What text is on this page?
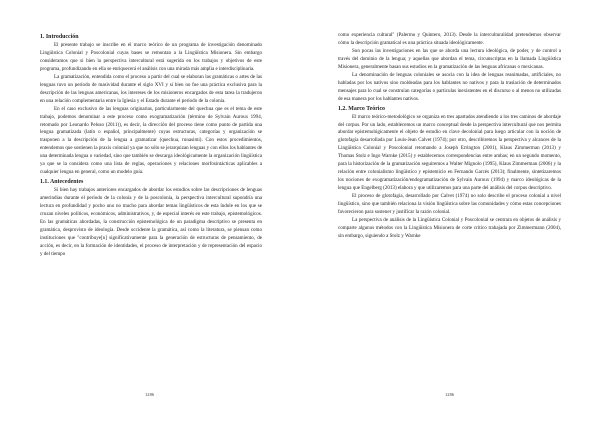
1. Introducción

El presente trabajo se inscribe en el marco teórico de un programa de investigación denominado Lingüística Colonial y Poscolonial cuyas bases se remontan a la Lingüística Misionera. Sin embargo consideramos que si bien la perspectiva intercultural está sugerida en los trabajos y objetivos de este programa, profundizando en ella se enriquecerá el análisis con una mirada más amplia e interdisciplinaria.

La gramatización, entendida como el proceso a partir del cual se elaboran las gramáticas o artes de las lenguas tuvo un período de masividad durante el siglo XVI y si bien no fue una práctica exclusiva para la descripción de las lenguas americanas, los intereses de los misioneros encargados de esta tarea la tradujeron en una relación complementaria entre la Iglesia y el Estado durante el período de la colonia.

En el caso exclusivo de las lenguas originarias, particularmente del quechua que es el tema de este trabajo, podemos denominar a este proceso como exogramatización (término de Sylvain Auroux 1994, retomado por Leonardo Peluso (2011)), es decir, la dirección del proceso tiene como punto de partida una lengua gramatizada (latín o español, principalmente) cuyas estructuras, categorías y organización se trasponen a la descripción de la lengua a gramatizar (quechua, runasimi). Con estos procedimientos, entendemos que sostienen la praxis colonial ya que no sólo se jerarquizan lenguas y con ellos los hablantes de una determinada lengua o variedad, sino que también se descarga ideológicamente la organización lingüística ya que se la considera como una lista de reglas, operaciones y relaciones morfosintácticas aplicables a cualquier lengua en general, como un modelo guía.

1.1. Antecedentes

Si bien hay trabajos anteriores encargados de abordar los estudios sobre las descripciones de lenguas amerindias durante el período de la colonia y de la poscolonia, la perspectiva intercultural supondría una lectura en profundidad y pocho uno no mucho para abordar temas lingüísticos de esta índole en los que se cruzan niveles políticos, económicos, administrativos, y, de especial interés en este trabajo, epistemológicos. En las gramáticas abordadas, la construcción epistemológica de un paradigma descriptivo se presenta en gramática, desprovisto de ideología. Desde occidente la gramática, así como la literatura, se piensan como instituciones que "contribuye[n] significativamente para la generación de estructuras de pensamiento, de acción, es decir, en la formación de identidades, el proceso de interpretación y de representación del espacio y del tiempo

1286

como experiencia cultural" (Palermo y Quintero, 2013). Desde la interculturalidad pretendemos observar cómo la descripción gramatical es una práctica situada ideológicamente.

Son pocas las investigaciones en las que se aborda una lectura ideológica, de poder, y de control a través del dominio de la lengua; y aquellas que abordan el tema, circunscriptas en la llamada Lingüística Misionera, generalmente basan sus estudios en la gramatización de las lenguas africanas o mexicanas.

La denominación de lenguas coloniales se asocia con la idea de lenguas reanimadas, artificiales, no habladas por los nativos sino moldeadas para los hablantes no nativos y para la traslación de determinados mensajes para lo cual se construían categorías o particulas inexistentes en el discurso o al menos no utilizadas de esa manera por los hablantes nativos.

1.2. Marco Teórico

El marco teórico-metodológico se organiza en tres apartados atendiendo a los tres caminos de abordaje del corpus. Por un lado, establecemos un marco conceptual desde la perspectiva intercultural que nos permita abordar epistemológicamente el objeto de estudio en clave decolonial para luego articular con la noción de glotofagia desarrollada por Louis-Jean Calvet (1974); por otro, describiremos la perspectiva y alcances de la Lingüística Colonial y Poscolonial retomando a Joseph Errington (2001), Klaus Zimmerman (2013) y Thomas Stolz e Ingo Warnke (2015) y establecemos correspondencias entre ambas; en un segundo momento, para la historización de la gramatización seguiremos a Walter Mignolo (1995), Klaus Zimmerman (2006) y la relación entre colonialismo lingüístico y epistemicio en Fernando Garcés (2013); finalmente, sintetizaremos los nociones de exogramatización/endogramatización de Sylvain Auroux (1994) y marco ideológicas de la lengua que Engelberg (2013) elabora y que utilizaremos para una parte del análisis del corpus descriptivo.

El proceso de glotofagia, desarrollado por Calvet (1974) no solo describe el proceso colonial a nivel lingüístico, sino que también relaciona la visión lingüística sobre las comunidades y cómo estas concepciones favorecieron para sostener y justificar la razón colonial.

La perspectiva de análisis de la Lingüística Colonial y Poscolonial se centrara en objetos de análisis y comparte algunos métodos con la Lingüística Misionera de corte crítico trabajada por Zimmermann (2004), sin embargo, siguiendo a Stolz y Warnke

1286
